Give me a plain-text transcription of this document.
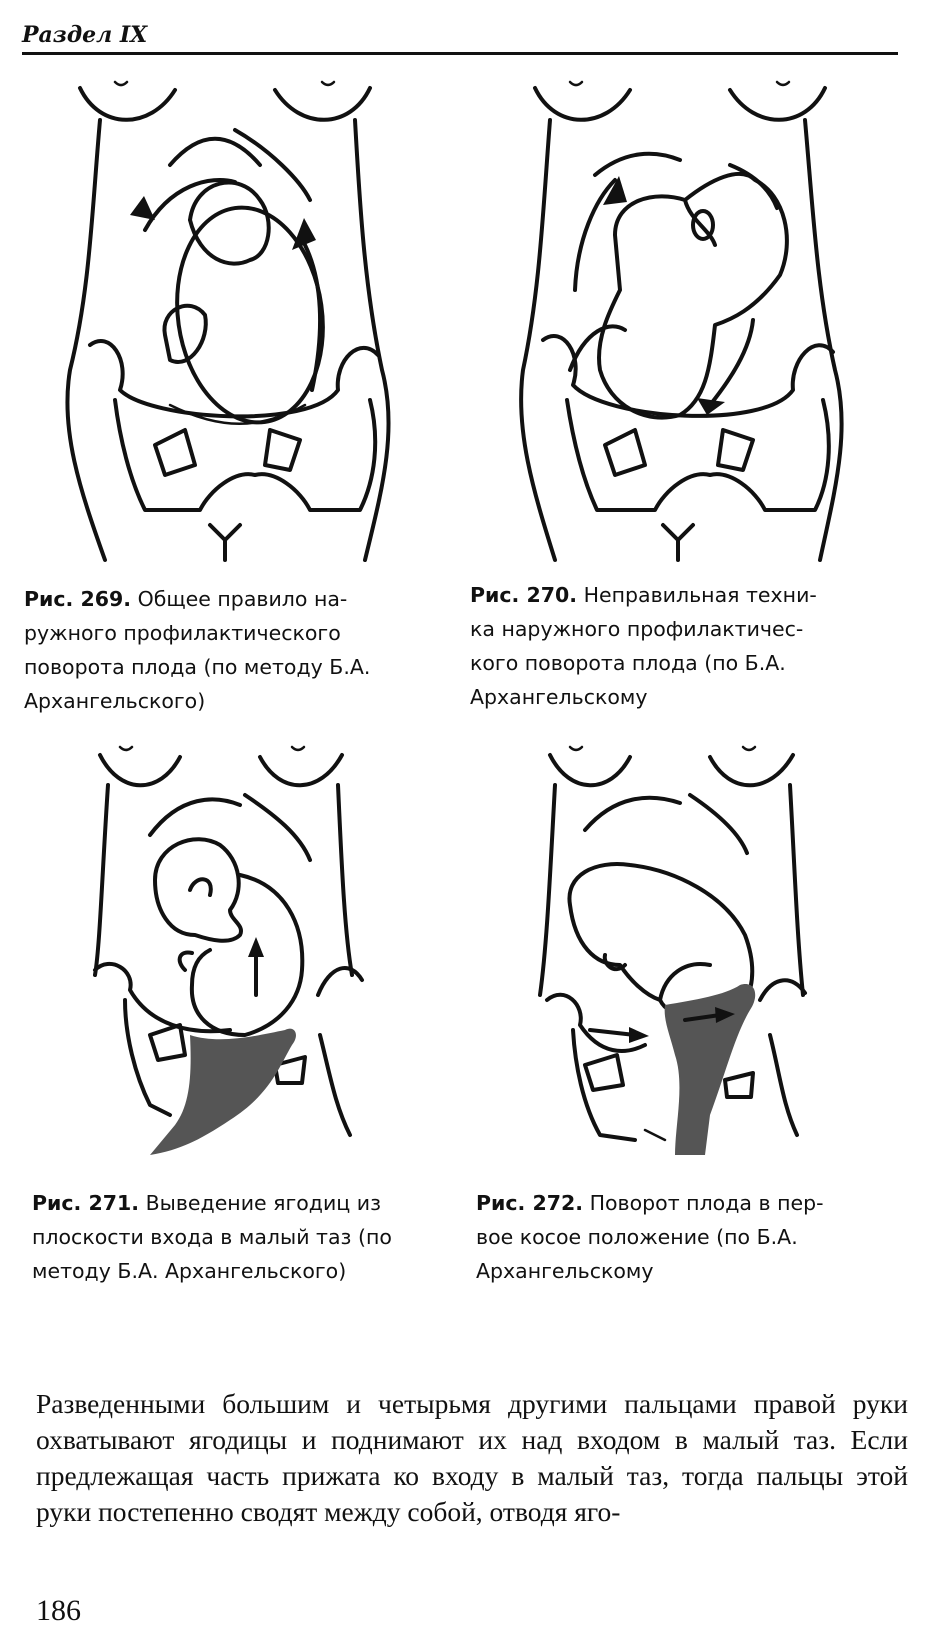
Раздел IX
Рис. 269. Общее правило на-
ружного профилактического
поворота плода (по методу Б.А.
Архангельского)
Рис. 270. Неправильная техни-
ка наружного профилактичес-
кого поворота плода (по Б.А.
Архангельскому
Рис. 271. Выведение ягодиц из
плоскости входа в малый таз (по
методу Б.А. Архангельского)
Рис. 272. Поворот плода в пер-
вое косое положение (по Б.А.
Архангельскому

Разведенными большим и четырьмя другими пальцами правой руки охватывают ягодицы и поднимают их над входом в малый таз. Если предлежащая часть прижата ко входу в малый таз, тогда пальцы этой руки постепенно сводят между собой, отводя яго-

186
